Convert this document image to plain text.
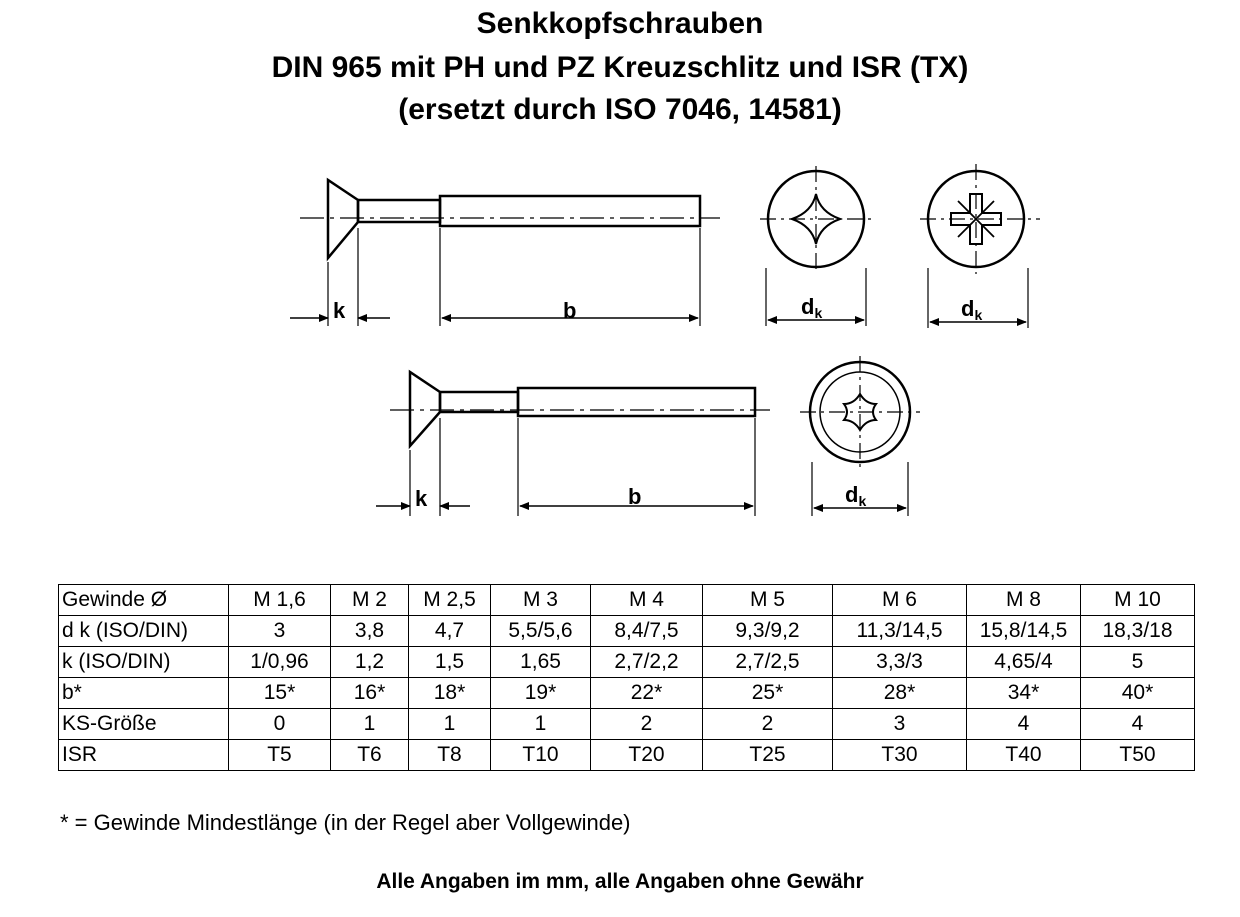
Senkkopfschrauben
DIN 965 mit PH und PZ Kreuzschlitz und ISR (TX)
(ersetzt durch ISO 7046, 14581)
k	b	dk	dk
k	b	dk
Gewinde Ø	M 1,6	M 2	M 2,5	M 3	M 4	M 5	M 6	M 8	M 10
d k (ISO/DIN)	3	3,8	4,7	5,5/5,6	8,4/7,5	9,3/9,2	11,3/14,5	15,8/14,5	18,3/18
k (ISO/DIN)	1/0,96	1,2	1,5	1,65	2,7/2,2	2,7/2,5	3,3/3	4,65/4	5
b*	15*	16*	18*	19*	22*	25*	28*	34*	40*
KS-Größe	0	1	1	1	2	2	3	4	4
ISR	T5	T6	T8	T10	T20	T25	T30	T40	T50
* = Gewinde Mindestlänge (in der Regel aber Vollgewinde)
Alle Angaben im mm, alle Angaben ohne Gewähr
